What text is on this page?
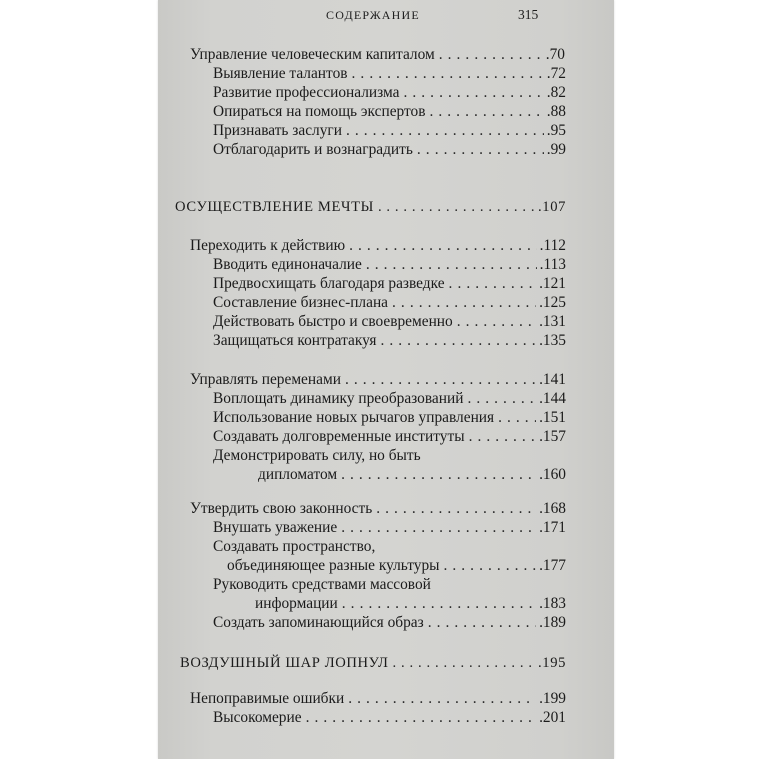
СОДЕРЖАНИЕ	315
Управление человеческим капиталом . . .	.70
Выявление талантов . . .	.72
Развитие профессионализма . . .	.82
Опираться на помощь экспертов . . .	.88
Признавать заслуги . . .	.95
Отблагодарить и вознаградить . . .	.99
ОСУЩЕСТВЛЕНИЕ МЕЧТЫ . . .	.107
Переходить к действию . . .	.112
Вводить единоначалие . . .	.113
Предвосхищать благодаря разведке . . .	.121
Составление бизнес-плана . . .	.125
Действовать быстро и своевременно . . .	.131
Защищаться контратакуя . . .	.135
Управлять переменами . . .	.141
Воплощать динамику преобразований . . .	.144
Использование новых рычагов управления . . .	.151
Создавать долговременные институты . . .	.157
Демонстрировать силу, но быть
дипломатом . . .	.160
Утвердить свою законность . . .	.168
Внушать уважение . . .	.171
Создавать пространство,
объединяющее разные культуры . . .	.177
Руководить средствами массовой
информации . . .	.183
Создать запоминающийся образ . . .	.189
ВОЗДУШНЫЙ ШАР ЛОПНУЛ . . .	.195
Непоправимые ошибки . . .	.199
Высокомерие . . .	.201
